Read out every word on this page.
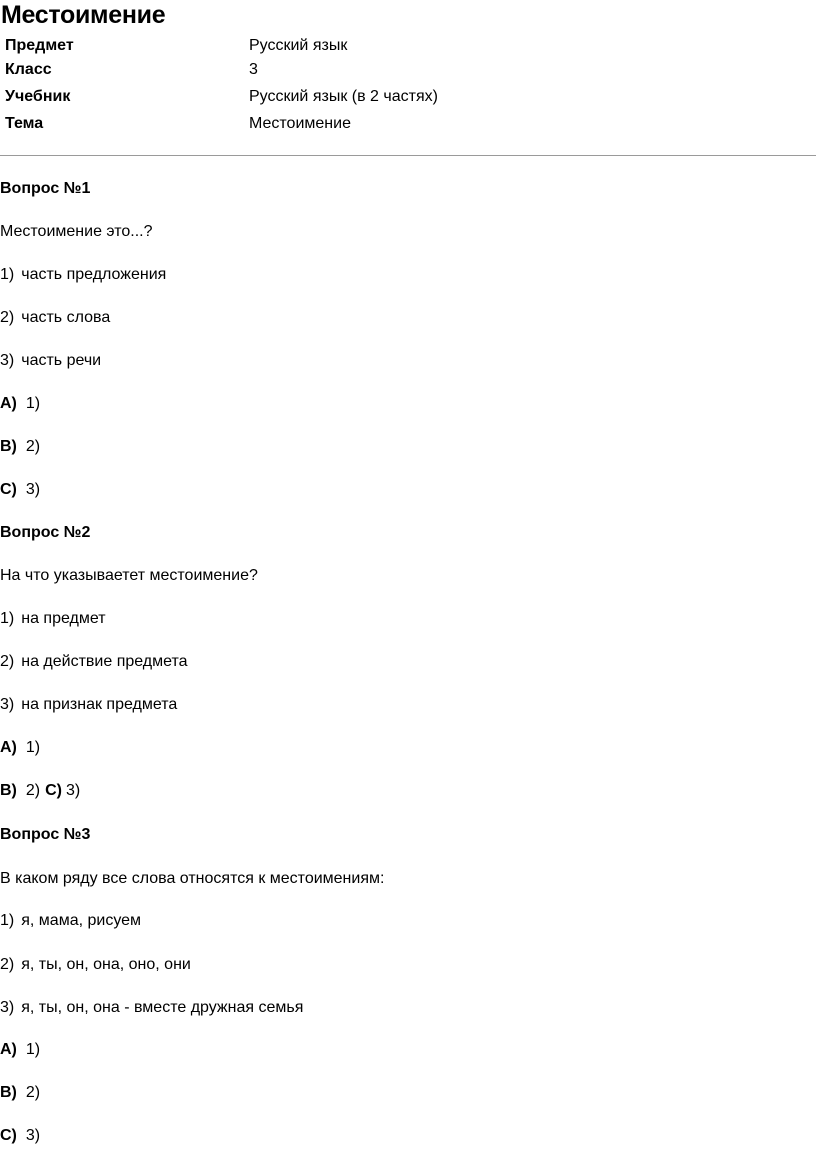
Местоимение
Предмет	Русский язык
Класс	3
Учебник	Русский язык (в 2 частях)
Тема	Местоимение
Вопрос №1
Местоимение это...?
1) часть предложения
2) часть слова
3) часть речи
A) 1)
B) 2)
C) 3)
Вопрос №2
На что указываетет местоимение?
1) на предмет
2) на действие предмета
3) на признак предмета
A) 1)
B) 2) C) 3)
Вопрос №3
В каком ряду все слова относятся к местоимениям:
1) я, мама, рисуем
2) я, ты, он, она, оно, они
3) я, ты, он, она - вместе дружная семья
A) 1)
B) 2)
C) 3)
